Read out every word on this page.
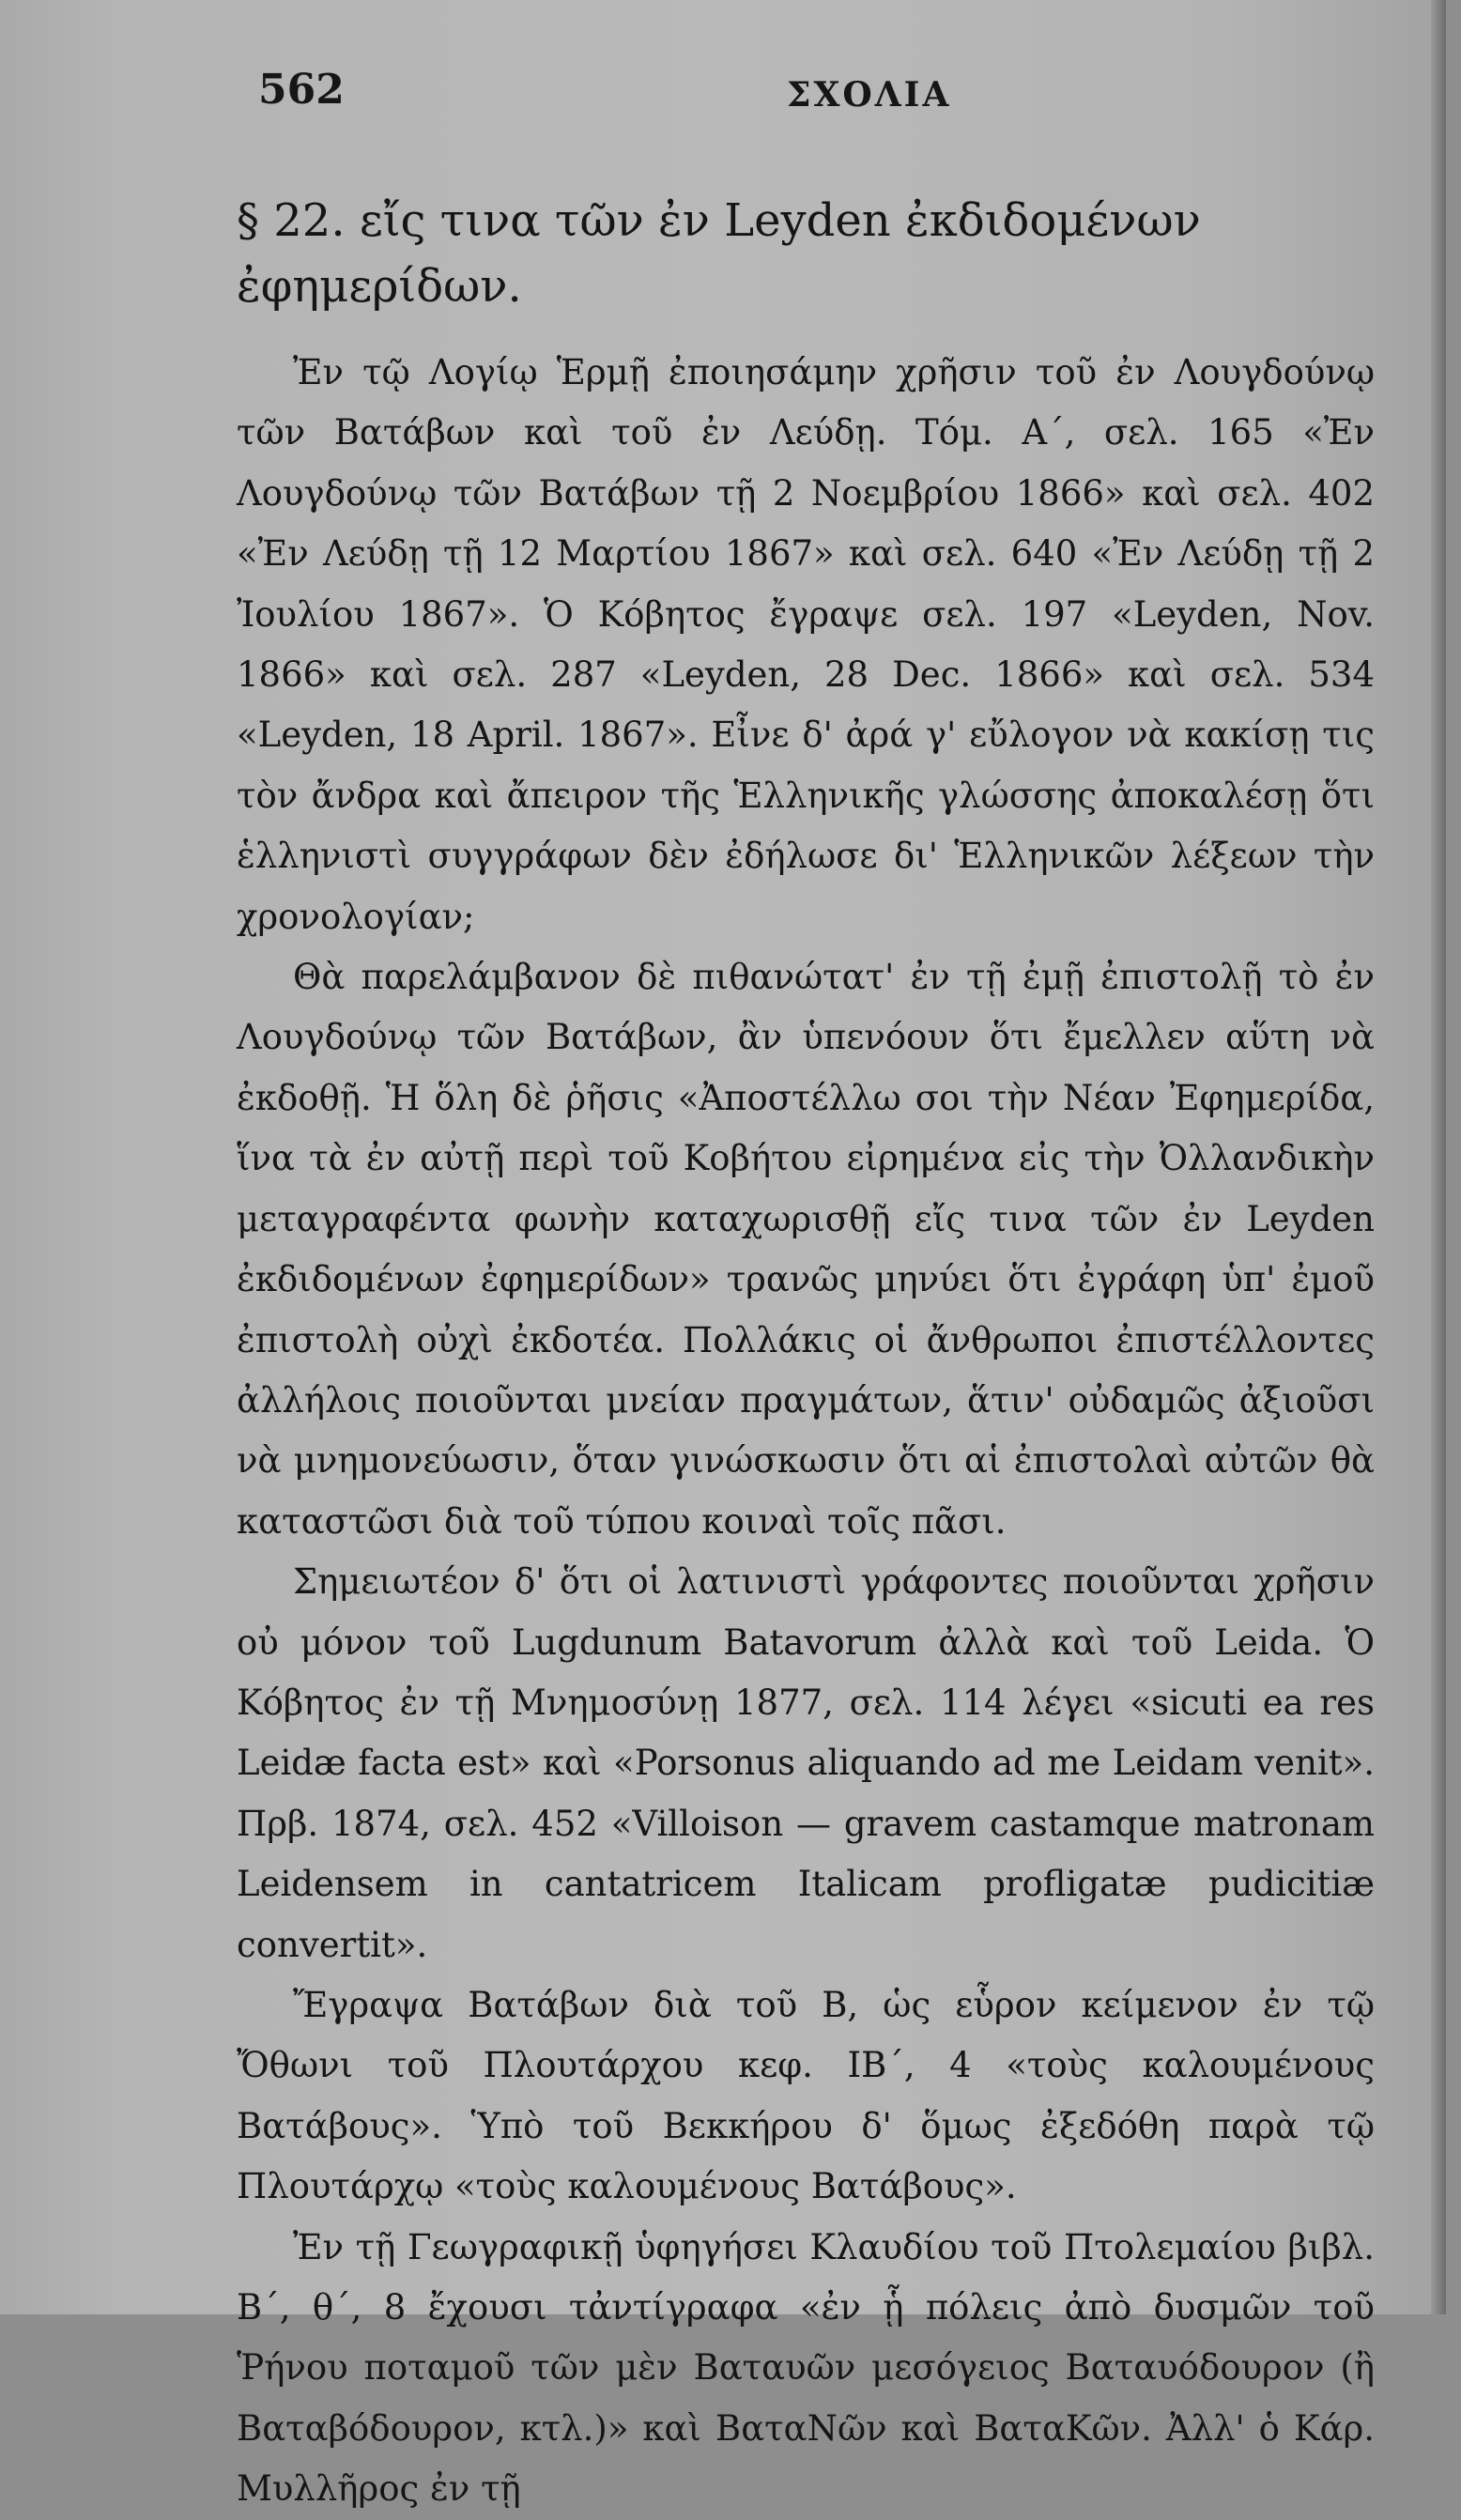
562	ΣΧΟΛΙΑ
§ 22. εἴς τινα τῶν ἐν Leyden ἐκδιδομένων ἐφημερίδων.

Ἐν τῷ Λογίῳ Ἑρμῇ ἐποιησάμην χρῆσιν τοῦ ἐν Λουγδούνῳ τῶν Βατάβων καὶ τοῦ ἐν Λεύδῃ. Τόμ. Α΄, σελ. 165 «Ἐν Λουγδούνῳ τῶν Βατάβων τῇ 2 Νοεμβρίου 1866» καὶ σελ. 402 «Ἐν Λεύδῃ τῇ 12 Μαρτίου 1867» καὶ σελ. 640 «Ἐν Λεύδῃ τῇ 2 Ἰουλίου 1867». Ὁ Κόβητος ἔγραψε σελ. 197 «Leyden, Nov. 1866» καὶ σελ. 287 «Leyden, 28 Dec. 1866» καὶ σελ. 534 «Leyden, 18 April. 1867». Εἶνε δ' ἀρά γ' εὔλογον νὰ κακίσῃ τις τὸν ἄνδρα καὶ ἄπειρον τῆς Ἑλληνικῆς γλώσσης ἀποκαλέσῃ ὅτι ἑλληνιστὶ συγγράφων δὲν ἐδήλωσε δι' Ἑλληνικῶν λέξεων τὴν χρονολογίαν;

Θὰ παρελάμβανον δὲ πιθανώτατ' ἐν τῇ ἐμῇ ἐπιστολῇ τὸ ἐν Λουγδούνῳ τῶν Βατάβων, ἂν ὑπενόουν ὅτι ἔμελλεν αὕτη νὰ ἐκδοθῇ. Ἡ ὅλη δὲ ῥῆσις «Ἀποστέλλω σοι τὴν Νέαν Ἐφημερίδα, ἵνα τὰ ἐν αὐτῇ περὶ τοῦ Κοβήτου εἰρημένα εἰς τὴν Ὀλλανδικὴν μεταγραφέντα φωνὴν καταχωρισθῇ εἴς τινα τῶν ἐν Leyden ἐκδιδομένων ἐφημερίδων» τρανῶς μηνύει ὅτι ἐγράφη ὑπ' ἐμοῦ ἐπιστολὴ οὐχὶ ἐκδοτέα. Πολλάκις οἱ ἄνθρωποι ἐπιστέλλοντες ἀλλήλοις ποιοῦνται μνείαν πραγμάτων, ἅτιν' οὐδαμῶς ἀξιοῦσι νὰ μνημονεύωσιν, ὅταν γινώσκωσιν ὅτι αἱ ἐπιστολαὶ αὐτῶν θὰ καταστῶσι διὰ τοῦ τύπου κοιναὶ τοῖς πᾶσι.

Σημειωτέον δ' ὅτι οἱ λατινιστὶ γράφοντες ποιοῦνται χρῆσιν οὐ μόνον τοῦ Lugdunum Batavorum ἀλλὰ καὶ τοῦ Leida. Ὁ Κόβητος ἐν τῇ Μνημοσύνῃ 1877, σελ. 114 λέγει «sicuti ea res Leidæ facta est» καὶ «Porsonus aliquando ad me Leidam venit». Πρβ. 1874, σελ. 452 «Villoison — gravem castamque matronam Leidensem in cantatricem Italicam profligatæ pudicitiæ convertit».

Ἔγραψα Βατάβων διὰ τοῦ Β, ὡς εὗρον κείμενον ἐν τῷ Ὄθωνι τοῦ Πλουτάρχου κεφ. ΙΒ΄, 4 «τοὺς καλουμένους Βατάβους». Ὑπὸ τοῦ Βεκκήρου δ' ὅμως ἐξεδόθη παρὰ τῷ Πλουτάρχῳ «τοὺς καλουμένους Βατάβους».

Ἐν τῇ Γεωγραφικῇ ὑφηγήσει Κλαυδίου τοῦ Πτολεμαίου βιβλ. Β΄, θ΄, 8 ἔχουσι τἀντίγραφα «ἐν ᾗ πόλεις ἀπὸ δυσμῶν τοῦ Ῥήνου ποταμοῦ τῶν μὲν Βαταυῶν μεσόγειος Βαταυόδουρον (ἢ Βαταβόδουρον, κτλ.)» καὶ ΒαταΝῶν καὶ ΒαταΚῶν. Ἀλλ' ὁ Κάρ. Μυλλῆρος ἐν τῇ
